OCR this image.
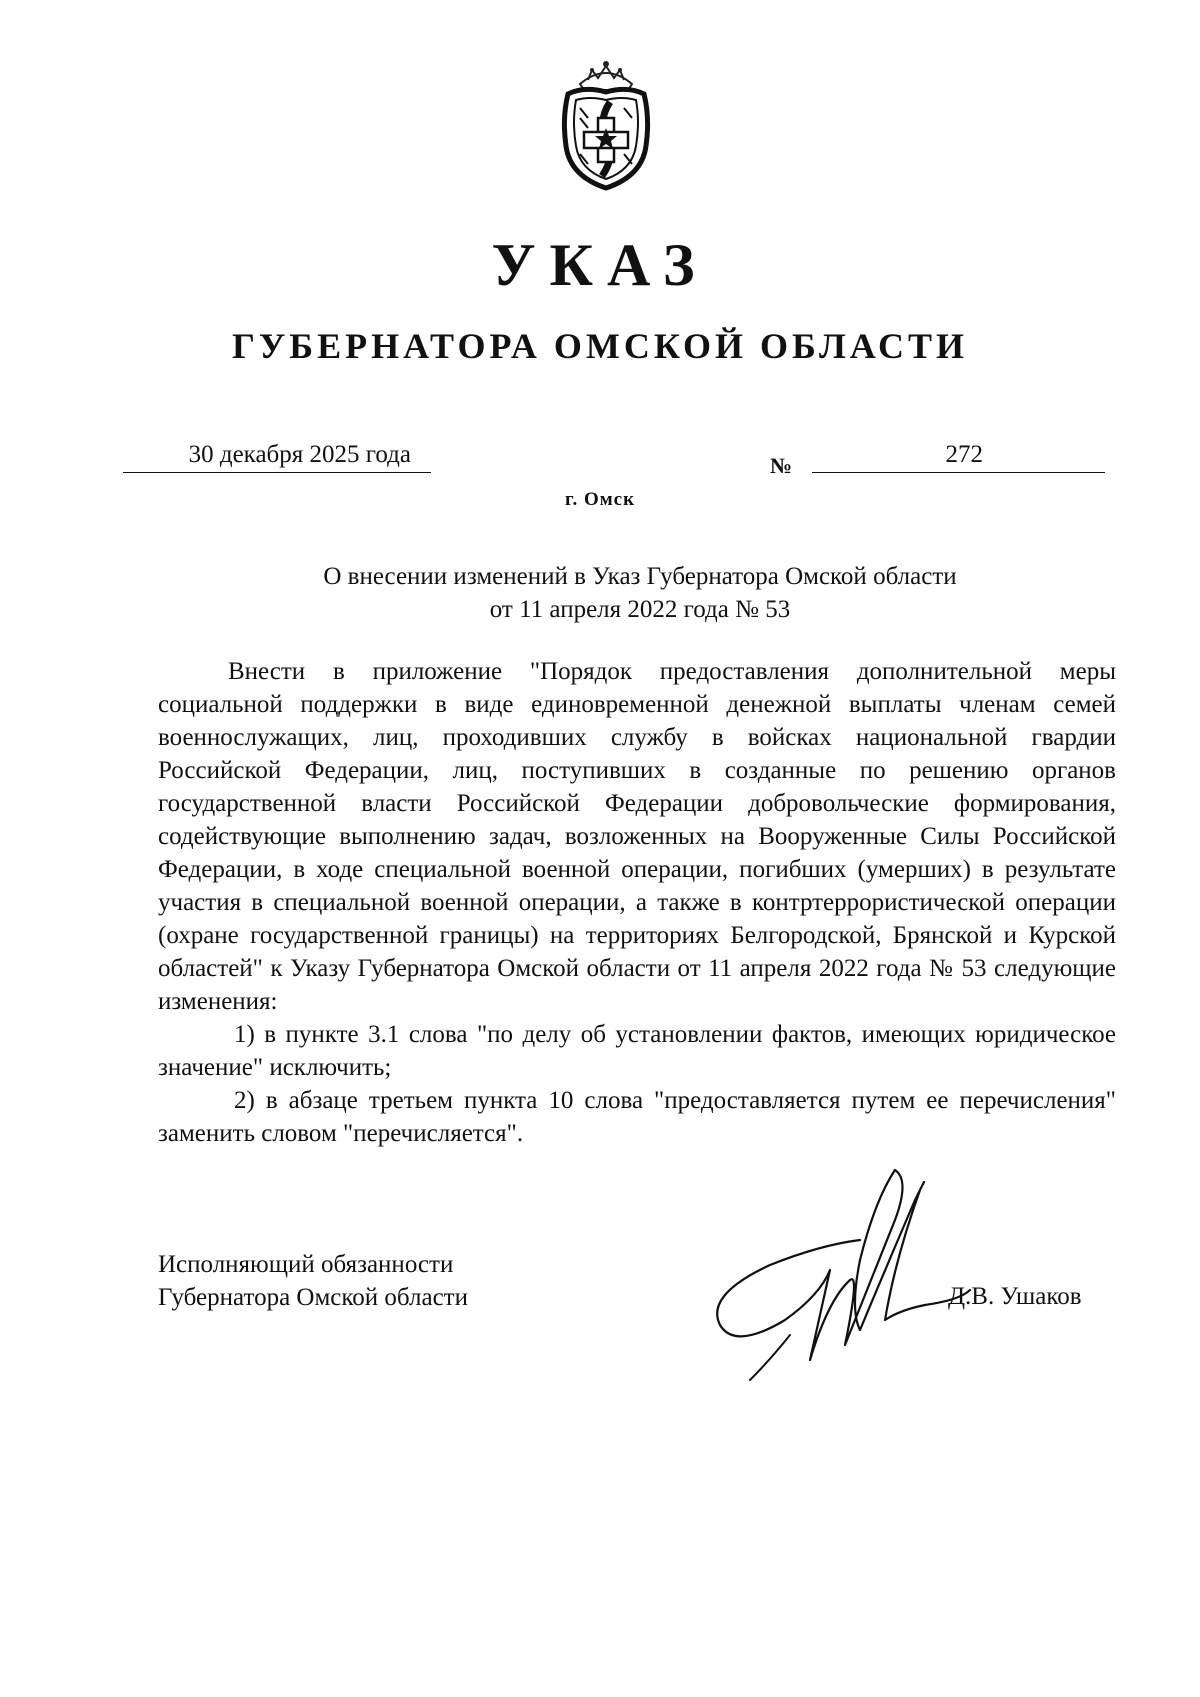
УКАЗ
ГУБЕРНАТОРА ОМСКОЙ ОБЛАСТИ
30 декабря 2025 года	№	272
г. Омск
О внесении изменений в Указ Губернатора Омской области
от 11 апреля 2022 года № 53

Внести в приложение "Порядок предоставления дополнительной меры социальной поддержки в виде единовременной денежной выплаты членам семей военнослужащих, лиц, проходивших службу в войсках национальной гвардии Российской Федерации, лиц, поступивших в созданные по решению органов государственной власти Российской Федерации добровольческие формирования, содействующие выполнению задач, возложенных на Вооруженные Силы Российской Федерации, в ходе специальной военной операции, погибших (умерших) в результате участия в специальной военной операции, а также в контртеррористической операции (охране государственной границы) на территориях Белгородской, Брянской и Курской областей" к Указу Губернатора Омской области от 11 апреля 2022 года № 53 следующие изменения:

1) в пункте 3.1 слова "по делу об установлении фактов, имеющих юридическое значение" исключить;

2) в абзаце третьем пункта 10 слова "предоставляется путем ее перечисления" заменить словом "перечисляется".

Исполняющий обязанности
Губернатора Омской области	Д.В. Ушаков
